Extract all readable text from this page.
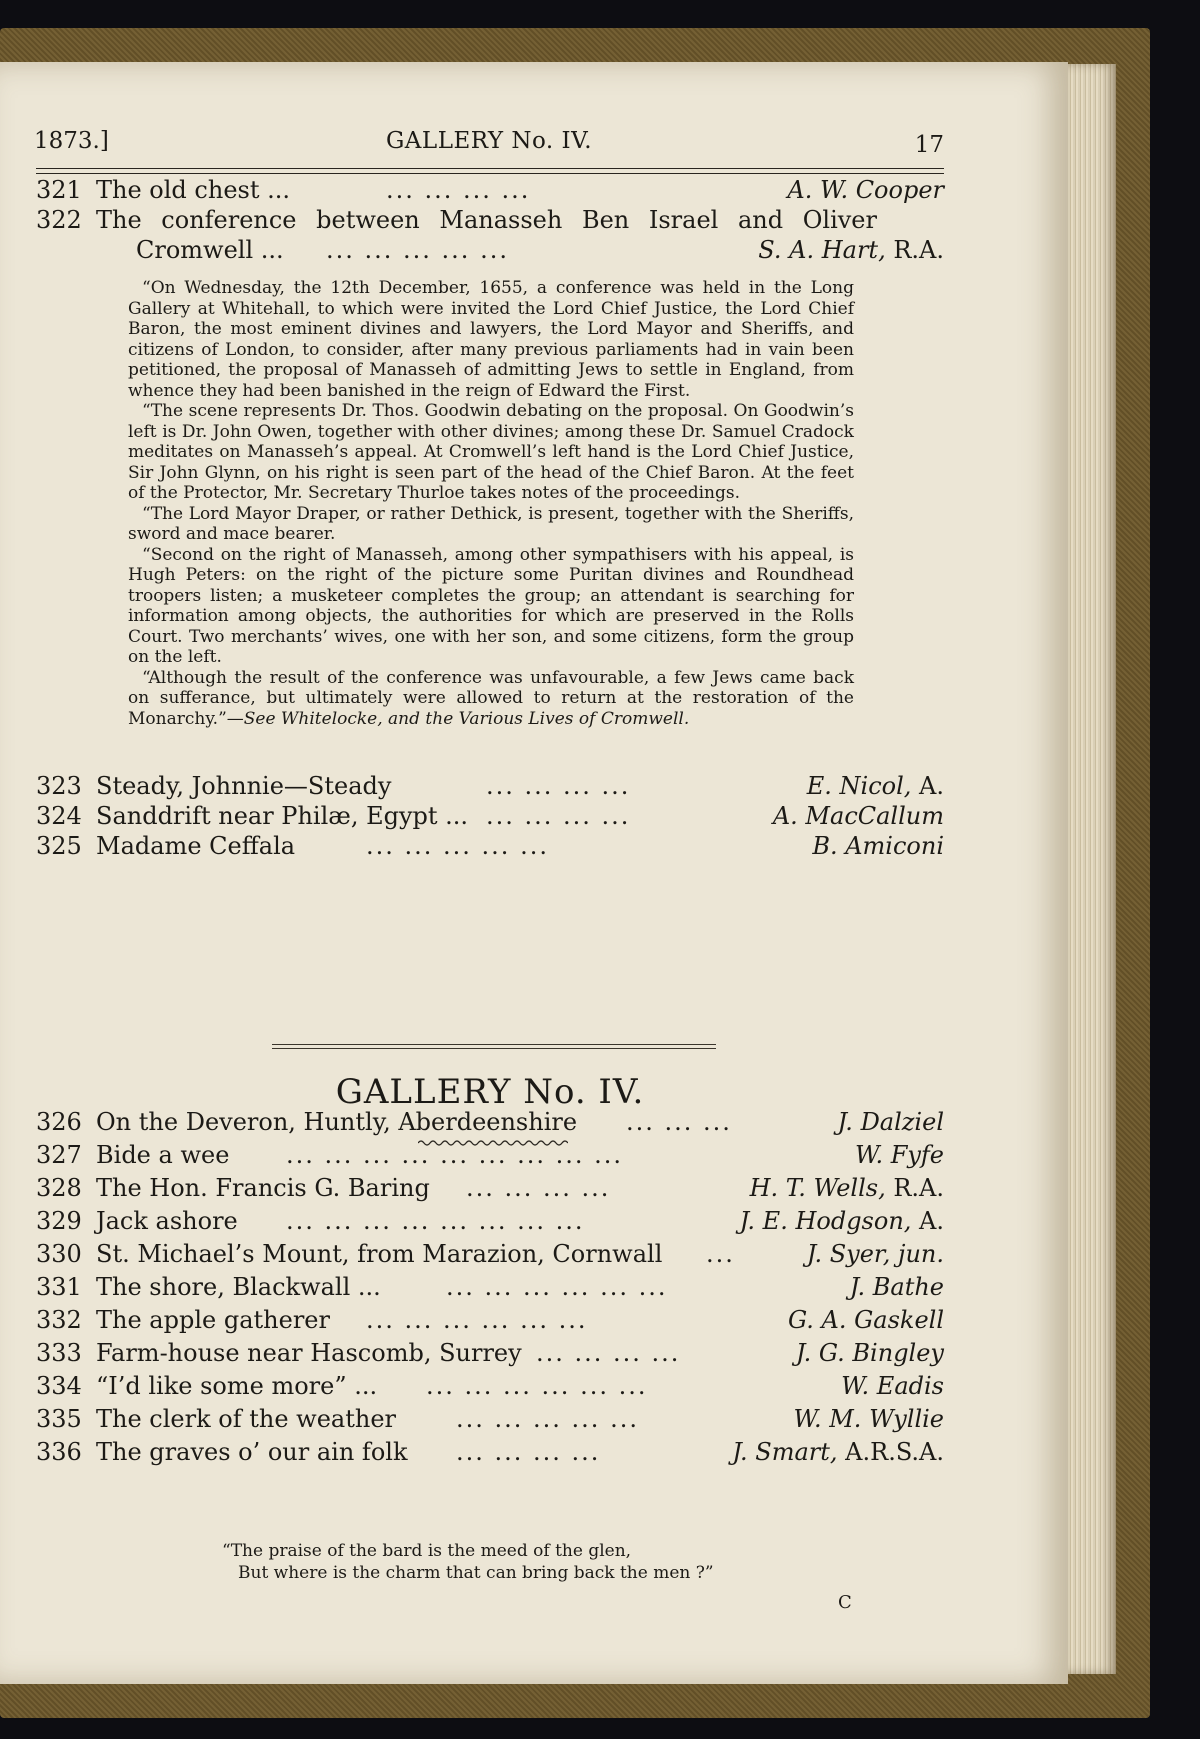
1873.]	GALLERY No. IV.	17
321 The old chest ...	... ... ... ...	A. W. Cooper
322 The conference between Manasseh Ben Israel and Oliver
Cromwell ... ... ... ... ... ...	S. A. Hart, R.A.

“On Wednesday, the 12th December, 1655, a conference was held in the Long Gallery at Whitehall, to which were invited the Lord Chief Justice, the Lord Chief Baron, the most eminent divines and lawyers, the Lord Mayor and Sheriffs, and citizens of London, to consider, after many previous parliaments had in vain been petitioned, the proposal of Manasseh of admitting Jews to settle in England, from whence they had been banished in the reign of Edward the First.

“The scene represents Dr. Thos. Goodwin debating on the proposal. On Goodwin’s left is Dr. John Owen, together with other divines; among these Dr. Samuel Cradock meditates on Manasseh’s appeal. At Cromwell’s left hand is the Lord Chief Justice, Sir John Glynn, on his right is seen part of the head of the Chief Baron. At the feet of the Protector, Mr. Secretary Thurloe takes notes of the proceedings.

“The Lord Mayor Draper, or rather Dethick, is present, together with the Sheriffs, sword and mace bearer.

“Second on the right of Manasseh, among other sympathisers with his appeal, is Hugh Peters: on the right of the picture some Puritan divines and Roundhead troopers listen; a musketeer completes the group; an attendant is searching for information among objects, the authorities for which are preserved in the Rolls Court. Two merchants’ wives, one with her son, and some citizens, form the group on the left.

“Although the result of the conference was unfavourable, a few Jews came back on sufferance, but ultimately were allowed to return at the restoration of the Monarchy.”—See Whitelocke, and the Various Lives of Cromwell.

323 Steady, Johnnie—Steady	... ... ... ...	E. Nicol, A.
324 Sanddrift near Philæ, Egypt ... ... ... ... ...	A. MacCallum
325 Madame Ceffala	... ... ... ... ...	B. Amiconi
GALLERY No. IV.
326 On the Deveron, Huntly, Aberdeenshire ... ... ...	J. Dalziel
327 Bide a wee ... ... ... ... ... ... ... ... ...	W. Fyfe
328 The Hon. Francis G. Baring ... ... ... ...	H. T. Wells, R.A.
329 Jack ashore ... ... ... ... ... ... ... ...	J. E. Hodgson, A.
330 St. Michael’s Mount, from Marazion, Cornwall ...	J. Syer, jun.
331 The shore, Blackwall ...	... ... ... ... ... ...	J. Bathe
332 The apple gatherer ... ... ... ... ... ...	G. A. Gaskell
333 Farm-house near Hascomb, Surrey ... ... ... ...	J. G. Bingley
334 “I’d like some more” ... ... ... ... ... ... ...	W. Eadis
335 The clerk of the weather	... ... ... ... ...	W. M. Wyllie
336 The graves o’ our ain folk ... ... ... ...	J. Smart, A.R.S.A.
“The praise of the bard is the meed of the glen,
But where is the charm that can bring back the men ?”
C
